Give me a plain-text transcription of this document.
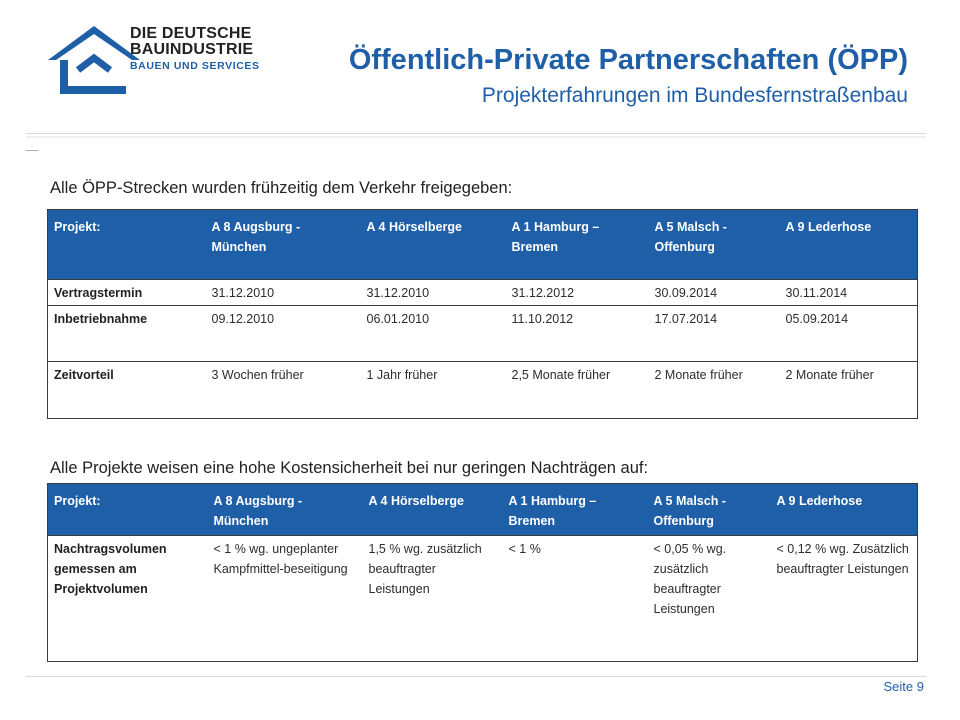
DIE DEUTSCHE
BAUINDUSTRIE
BAUEN UND SERVICES	Öffentlich-Private Partnerschaften (ÖPP)
Projekterfahrungen im Bundesfernstraßenbau
Alle ÖPP-Strecken wurden frühzeitig dem Verkehr freigegeben:
Projekt:	A 8 Augsburg - München	A 4 Hörselberge	A 1 Hamburg – Bremen	A 5 Malsch - Offenburg	A 9 Lederhose
Vertragstermin	31.12.2010	31.12.2010	31.12.2012	30.09.2014	30.11.2014
Inbetriebnahme	09.12.2010	06.01.2010	11.10.2012	17.07.2014	05.09.2014
Zeitvorteil	3 Wochen früher	1 Jahr früher	2,5 Monate früher	2 Monate früher	2 Monate früher
Alle Projekte weisen eine hohe Kostensicherheit bei nur geringen Nachträgen auf:
Projekt:	A 8 Augsburg - München	A 4 Hörselberge	A 1 Hamburg – Bremen	A 5 Malsch - Offenburg	A 9 Lederhose
Nachtragsvolumen gemessen am Projektvolumen	< 1 % wg. ungeplanter Kampfmittel-beseitigung	1,5 % wg. zusätzlich beauftragter Leistungen	< 1 %	< 0,05 % wg. zusätzlich beauftragter Leistungen	< 0,12 % wg. Zusätzlich beauftragter Leistungen
Seite 9
